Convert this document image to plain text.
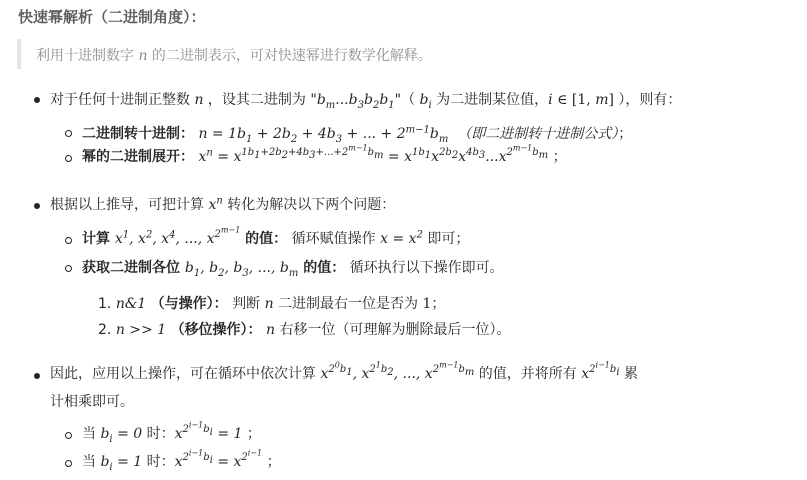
快速幂解析（二进制角度）：
利用十进制数字 n 的二进制表示，可对快速幂进行数学化解释。
对于任何十进制正整数 n ，设其二进制为 "$b_m...b_3b_2b_1$"（ $b_i$ 为二进制某位值，i ∈ [1, m] ），则有：
二进制转十进制： $n = 1b_1 + 2b_2 + 4b_3$ + ... + $2^{m-1}b_m$ （即二进制转十进制公式）；
幂的二进制展开： $x^n = x^{1b_1+2b_2+4b_3+...+2^{m-1}b_m} = x^{1b_1}x^{2b_2}x^{4b_3}...x^{2^{m-1}b_m}$ ；
根据以上推导，可把计算 $x^n$ 转化为解决以下两个问题：
计算 $x^1$, $x^2$, $x^4$, ..., $x^{2^{m-1}}$ 的值： 循环赋值操作 $x = x^2$ 即可；
获取二进制各位 $b_1$, $b_2$, $b_3$, ..., $b_m$ 的值： 循环执行以下操作即可。
1. n&1 （与操作）： 判断 n 二进制最右一位是否为 1；
2. n >> 1 （移位操作）： n 右移一位（可理解为删除最后一位）。
因此，应用以上操作，可在循环中依次计算 $x^{2^0b_1}$, $x^{2^1b_2}$, ..., $x^{2^{m-1}b_m}$ 的值，并将所有 $x^{2^{i-1}b_i}$ 累
计相乘即可。
当 $b_i = 0$ 时：$x^{2^{i-1}b_i} = 1$ ；
当 $b_i = 1$ 时：$x^{2^{i-1}b_i} = x^{2^{i-1}}$ ；
